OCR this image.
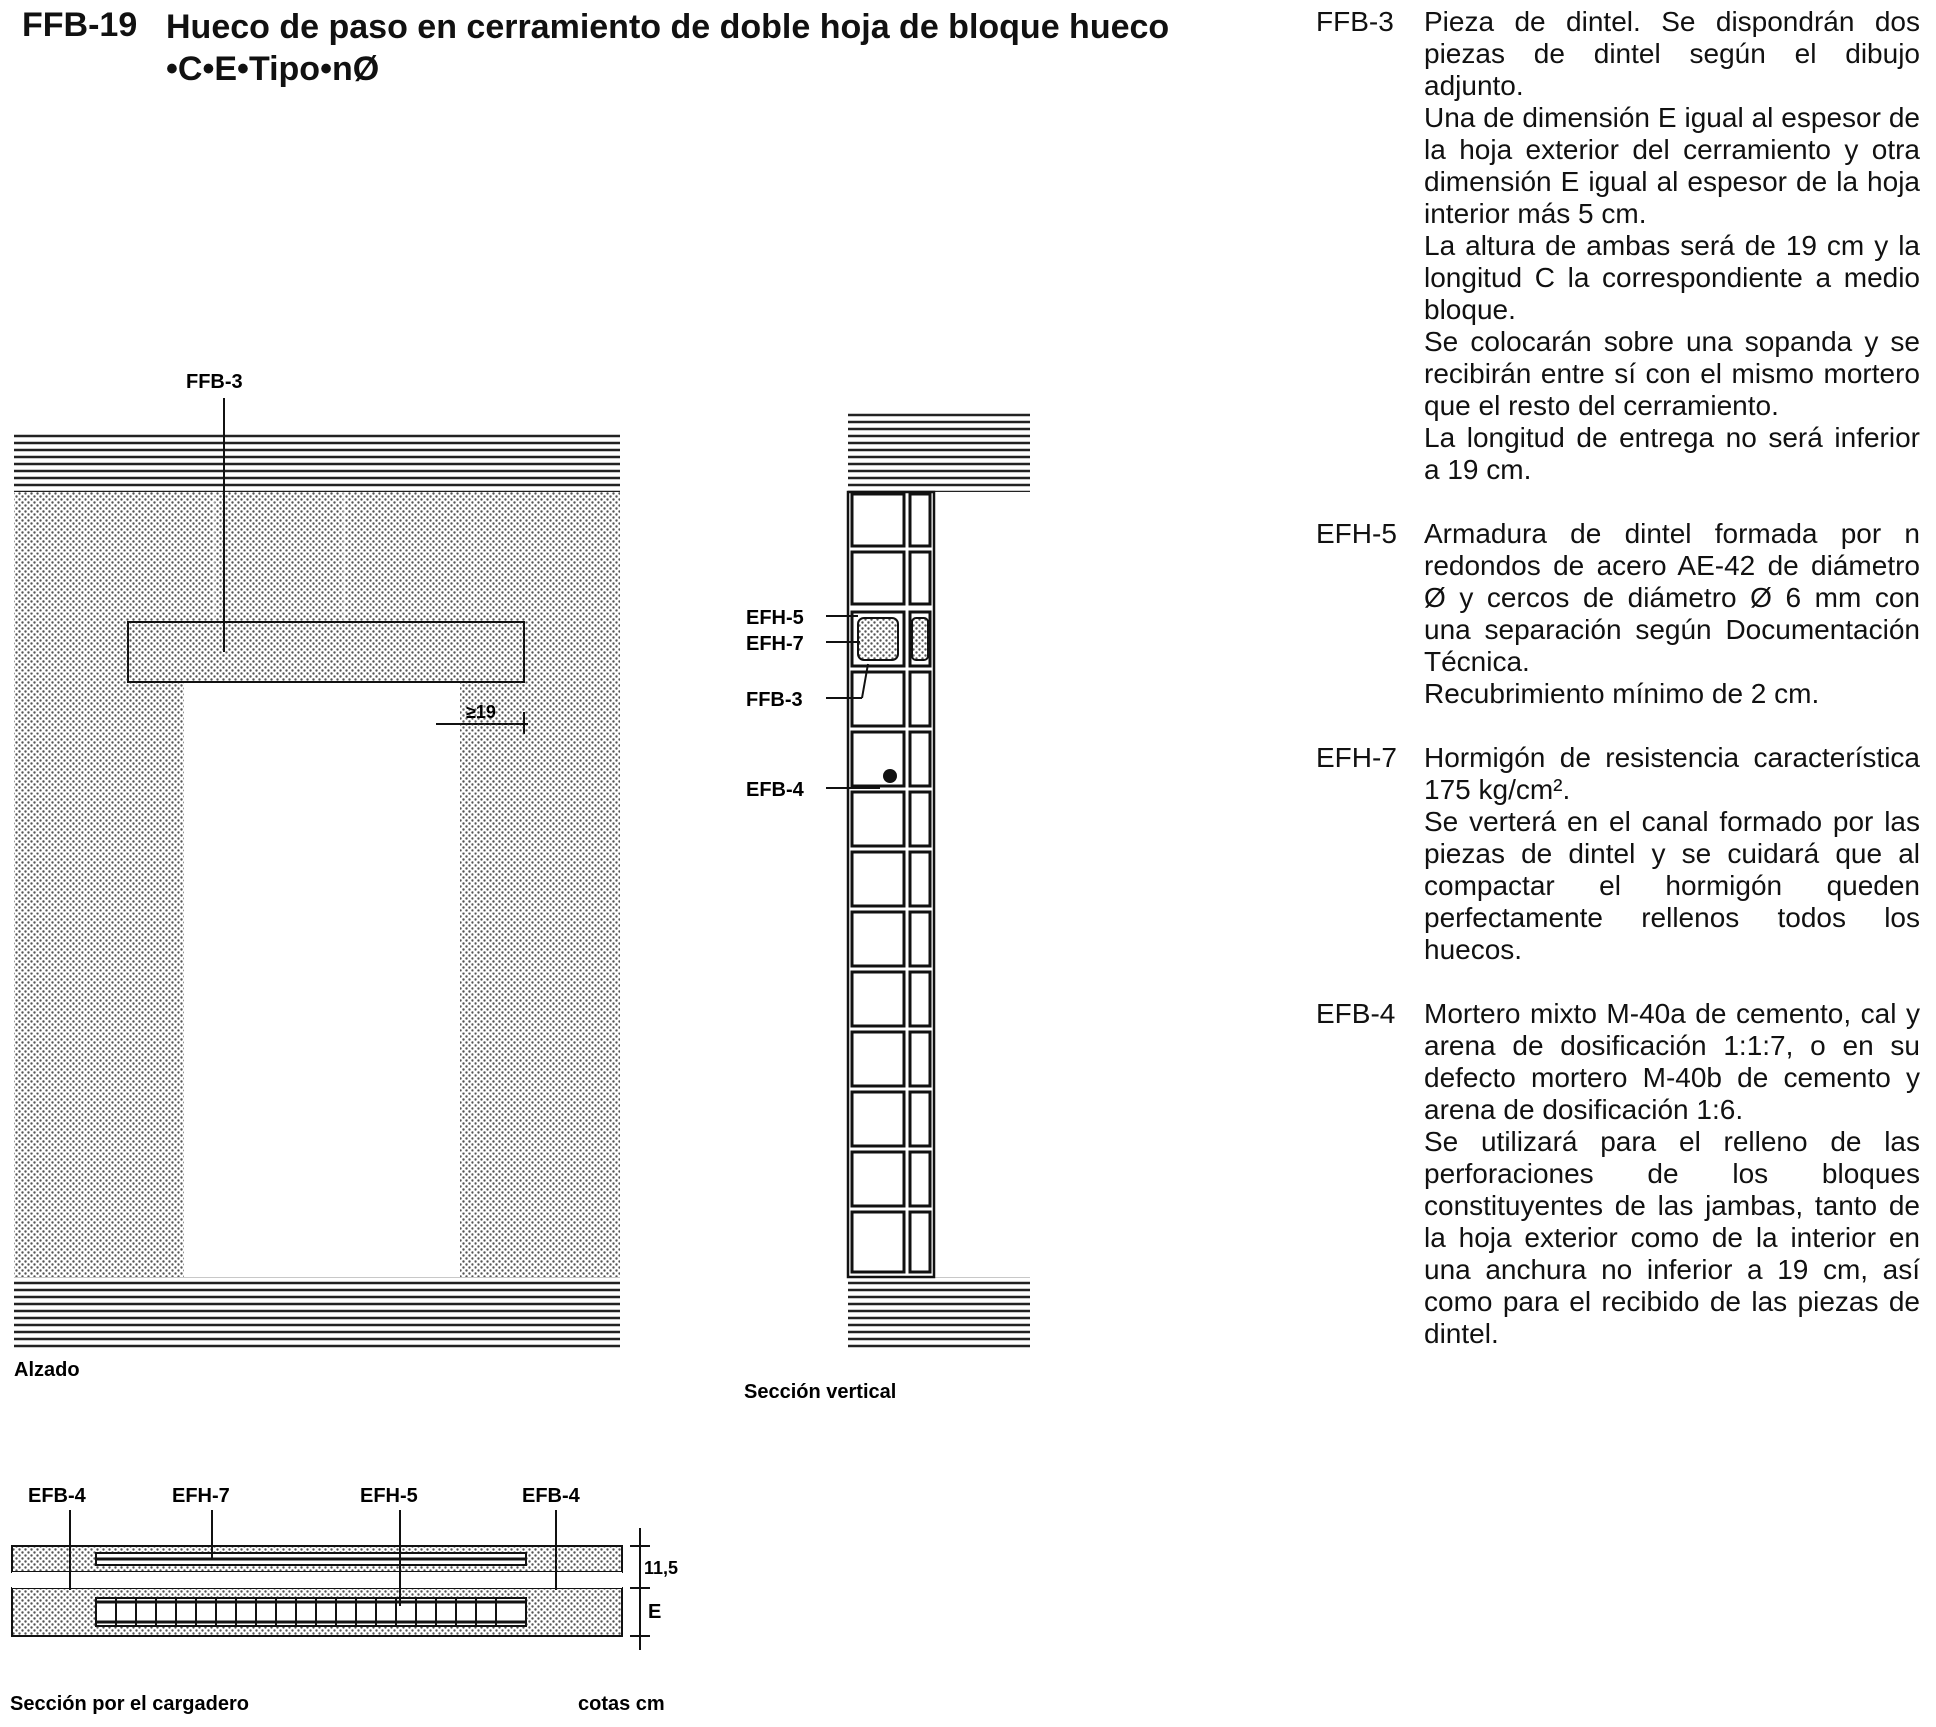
FFB-19 Hueco de paso en cerramiento de doble hoja de bloque hueco
•C•E•Tipo•nØ
FFB-3
≥19
Alzado
EFH-5
EFH-7
FFB-3
EFB-4
Sección vertical
EFB-4	EFH-7	EFH-5	EFB-4
11,5
E
Sección por el cargadero	cotas cm
FFB-3 Pieza de dintel. Se dispondrán dos piezas de dintel según el dibujo adjunto.
Una de dimensión E igual al espesor de la hoja exterior del cerramiento y otra dimensión E igual al espesor de la hoja interior más 5 cm.
La altura de ambas será de 19 cm y la longitud C la correspondiente a medio bloque.
Se colocarán sobre una sopanda y se recibirán entre sí con el mismo mortero que el resto del cerramiento.
La longitud de entrega no será inferior a 19 cm.
EFH-5 Armadura de dintel formada por n redondos de acero AE-42 de diámetro Ø y cercos de diámetro Ø 6 mm con una separación según Documentación Técnica.
Recubrimiento mínimo de 2 cm.
EFH-7 Hormigón de resistencia característica 175 kg/cm².
Se verterá en el canal formado por las piezas de dintel y se cuidará que al compactar el hormigón queden perfectamente rellenos todos los huecos.
EFB-4 Mortero mixto M-40a de cemento, cal y arena de dosificación 1:1:7, o en su defecto mortero M-40b de cemento y arena de dosificación 1:6.
Se utilizará para el relleno de las perforaciones de los bloques constituyentes de las jambas, tanto de la hoja exterior como de la interior en una anchura no inferior a 19 cm, así como para el recibido de las piezas de dintel.
